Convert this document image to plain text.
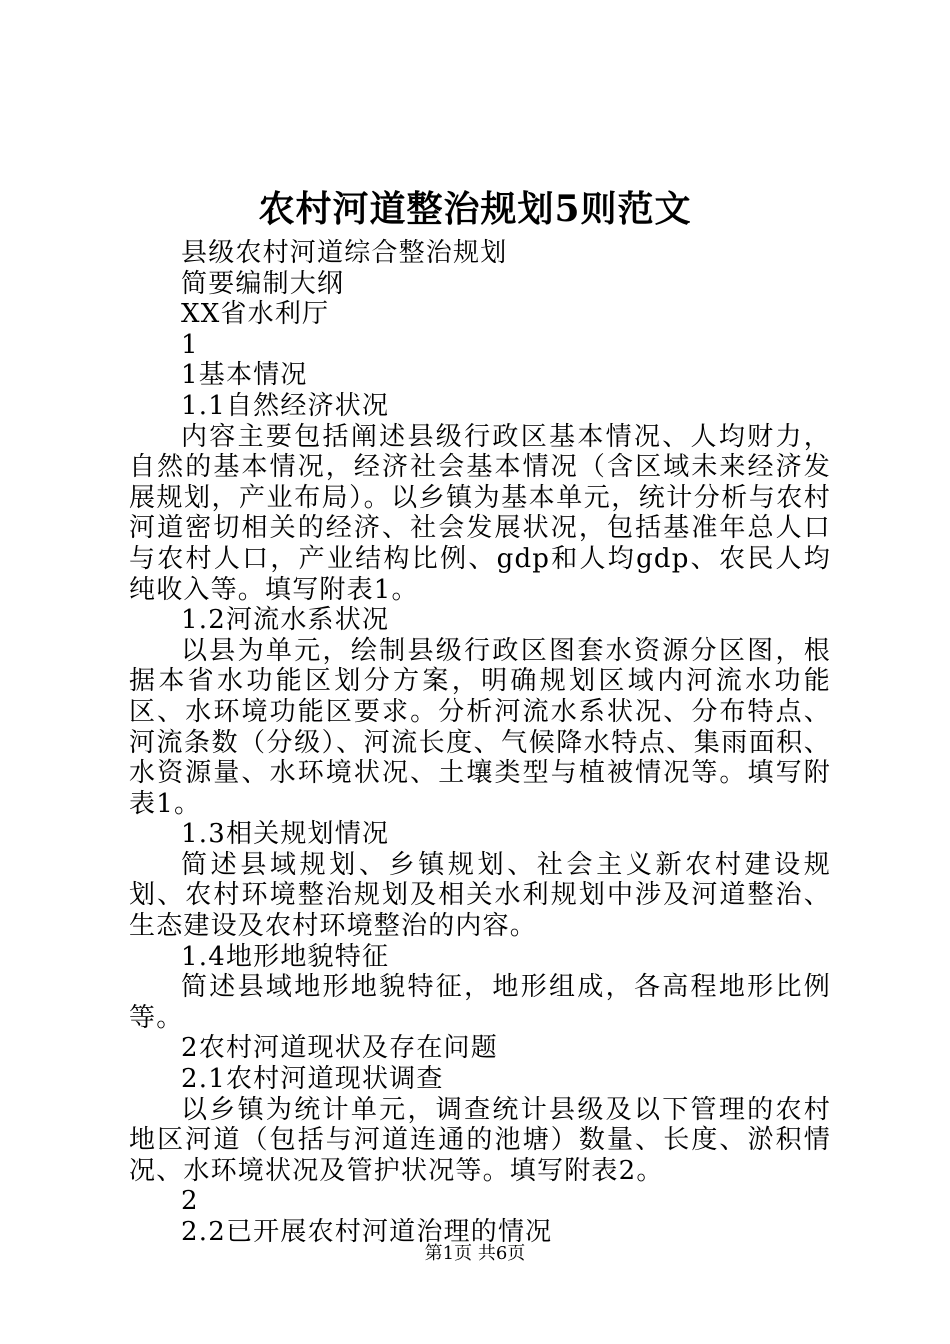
农村河道整治规划5则范文
县级农村河道综合整治规划
简要编制大纲
XX省水利厅
1
1基本情况
1.1自然经济状况

内容主要包括阐述县级行政区基本情况、人均财力，自然的基本情况，经济社会基本情况（含区域未来经济发展规划，产业布局）。以乡镇为基本单元，统计分析与农村河道密切相关的经济、社会发展状况，包括基准年总人口与农村人口，产业结构比例、gdp和人均gdp、农民人均纯收入等。填写附表1。

1.2河流水系状况

以县为单元，绘制县级行政区图套水资源分区图，根据本省水功能区划分方案，明确规划区域内河流水功能区、水环境功能区要求。分析河流水系状况、分布特点、河流条数（分级）、河流长度、气候降水特点、集雨面积、水资源量、水环境状况、土壤类型与植被情况等。填写附表1。

1.3相关规划情况

简述县域规划、乡镇规划、社会主义新农村建设规划、农村环境整治规划及相关水利规划中涉及河道整治、生态建设及农村环境整治的内容。

1.4地形地貌特征

简述县域地形地貌特征，地形组成，各高程地形比例等。

2农村河道现状及存在问题
2.1农村河道现状调查

以乡镇为统计单元，调查统计县级及以下管理的农村地区河道（包括与河道连通的池塘）数量、长度、淤积情况、水环境状况及管护状况等。填写附表2。

2
2.2已开展农村河道治理的情况
第1页 共6页
